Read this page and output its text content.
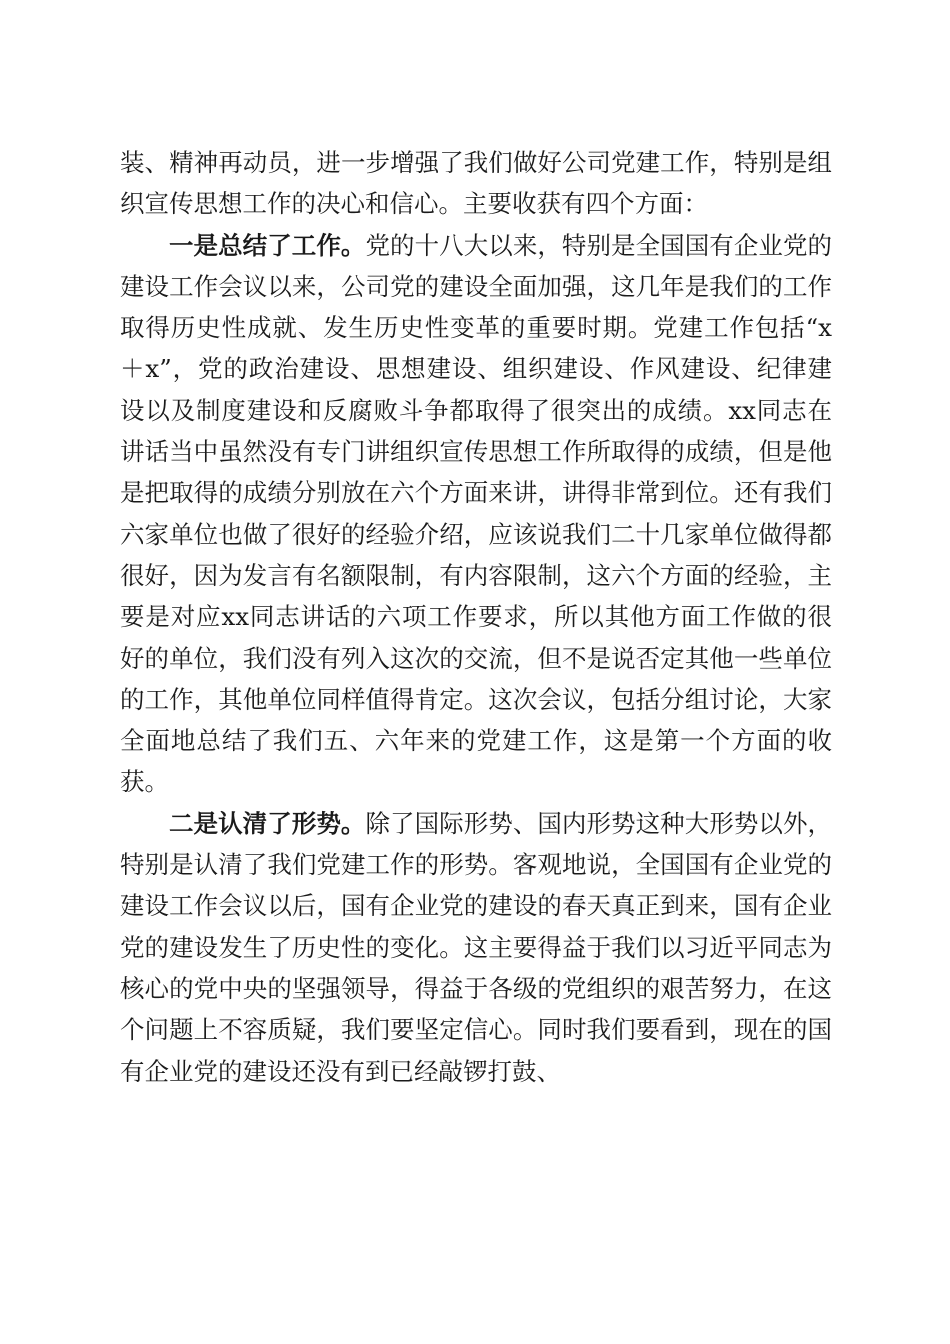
装、精神再动员，进一步增强了我们做好公司党建工作，特别是组织宣传思想工作的决心和信心。主要收获有四个方面：

一是总结了工作。党的十八大以来，特别是全国国有企业党的建设工作会议以来，公司党的建设全面加强，这几年是我们的工作取得历史性成就、发生历史性变革的重要时期。党建工作包括“x＋x”，党的政治建设、思想建设、组织建设、作风建设、纪律建设以及制度建设和反腐败斗争都取得了很突出的成绩。xx同志在讲话当中虽然没有专门讲组织宣传思想工作所取得的成绩，但是他是把取得的成绩分别放在六个方面来讲，讲得非常到位。还有我们六家单位也做了很好的经验介绍，应该说我们二十几家单位做得都很好，因为发言有名额限制，有内容限制，这六个方面的经验，主要是对应xx同志讲话的六项工作要求，所以其他方面工作做的很好的单位，我们没有列入这次的交流，但不是说否定其他一些单位的工作，其他单位同样值得肯定。这次会议，包括分组讨论，大家全面地总结了我们五、六年来的党建工作，这是第一个方面的收获。

二是认清了形势。除了国际形势、国内形势这种大形势以外，特别是认清了我们党建工作的形势。客观地说，全国国有企业党的建设工作会议以后，国有企业党的建设的春天真正到来，国有企业党的建设发生了历史性的变化。这主要得益于我们以习近平同志为核心的党中央的坚强领导，得益于各级的党组织的艰苦努力，在这个问题上不容质疑，我们要坚定信心。同时我们要看到，现在的国有企业党的建设还没有到已经敲锣打鼓、
